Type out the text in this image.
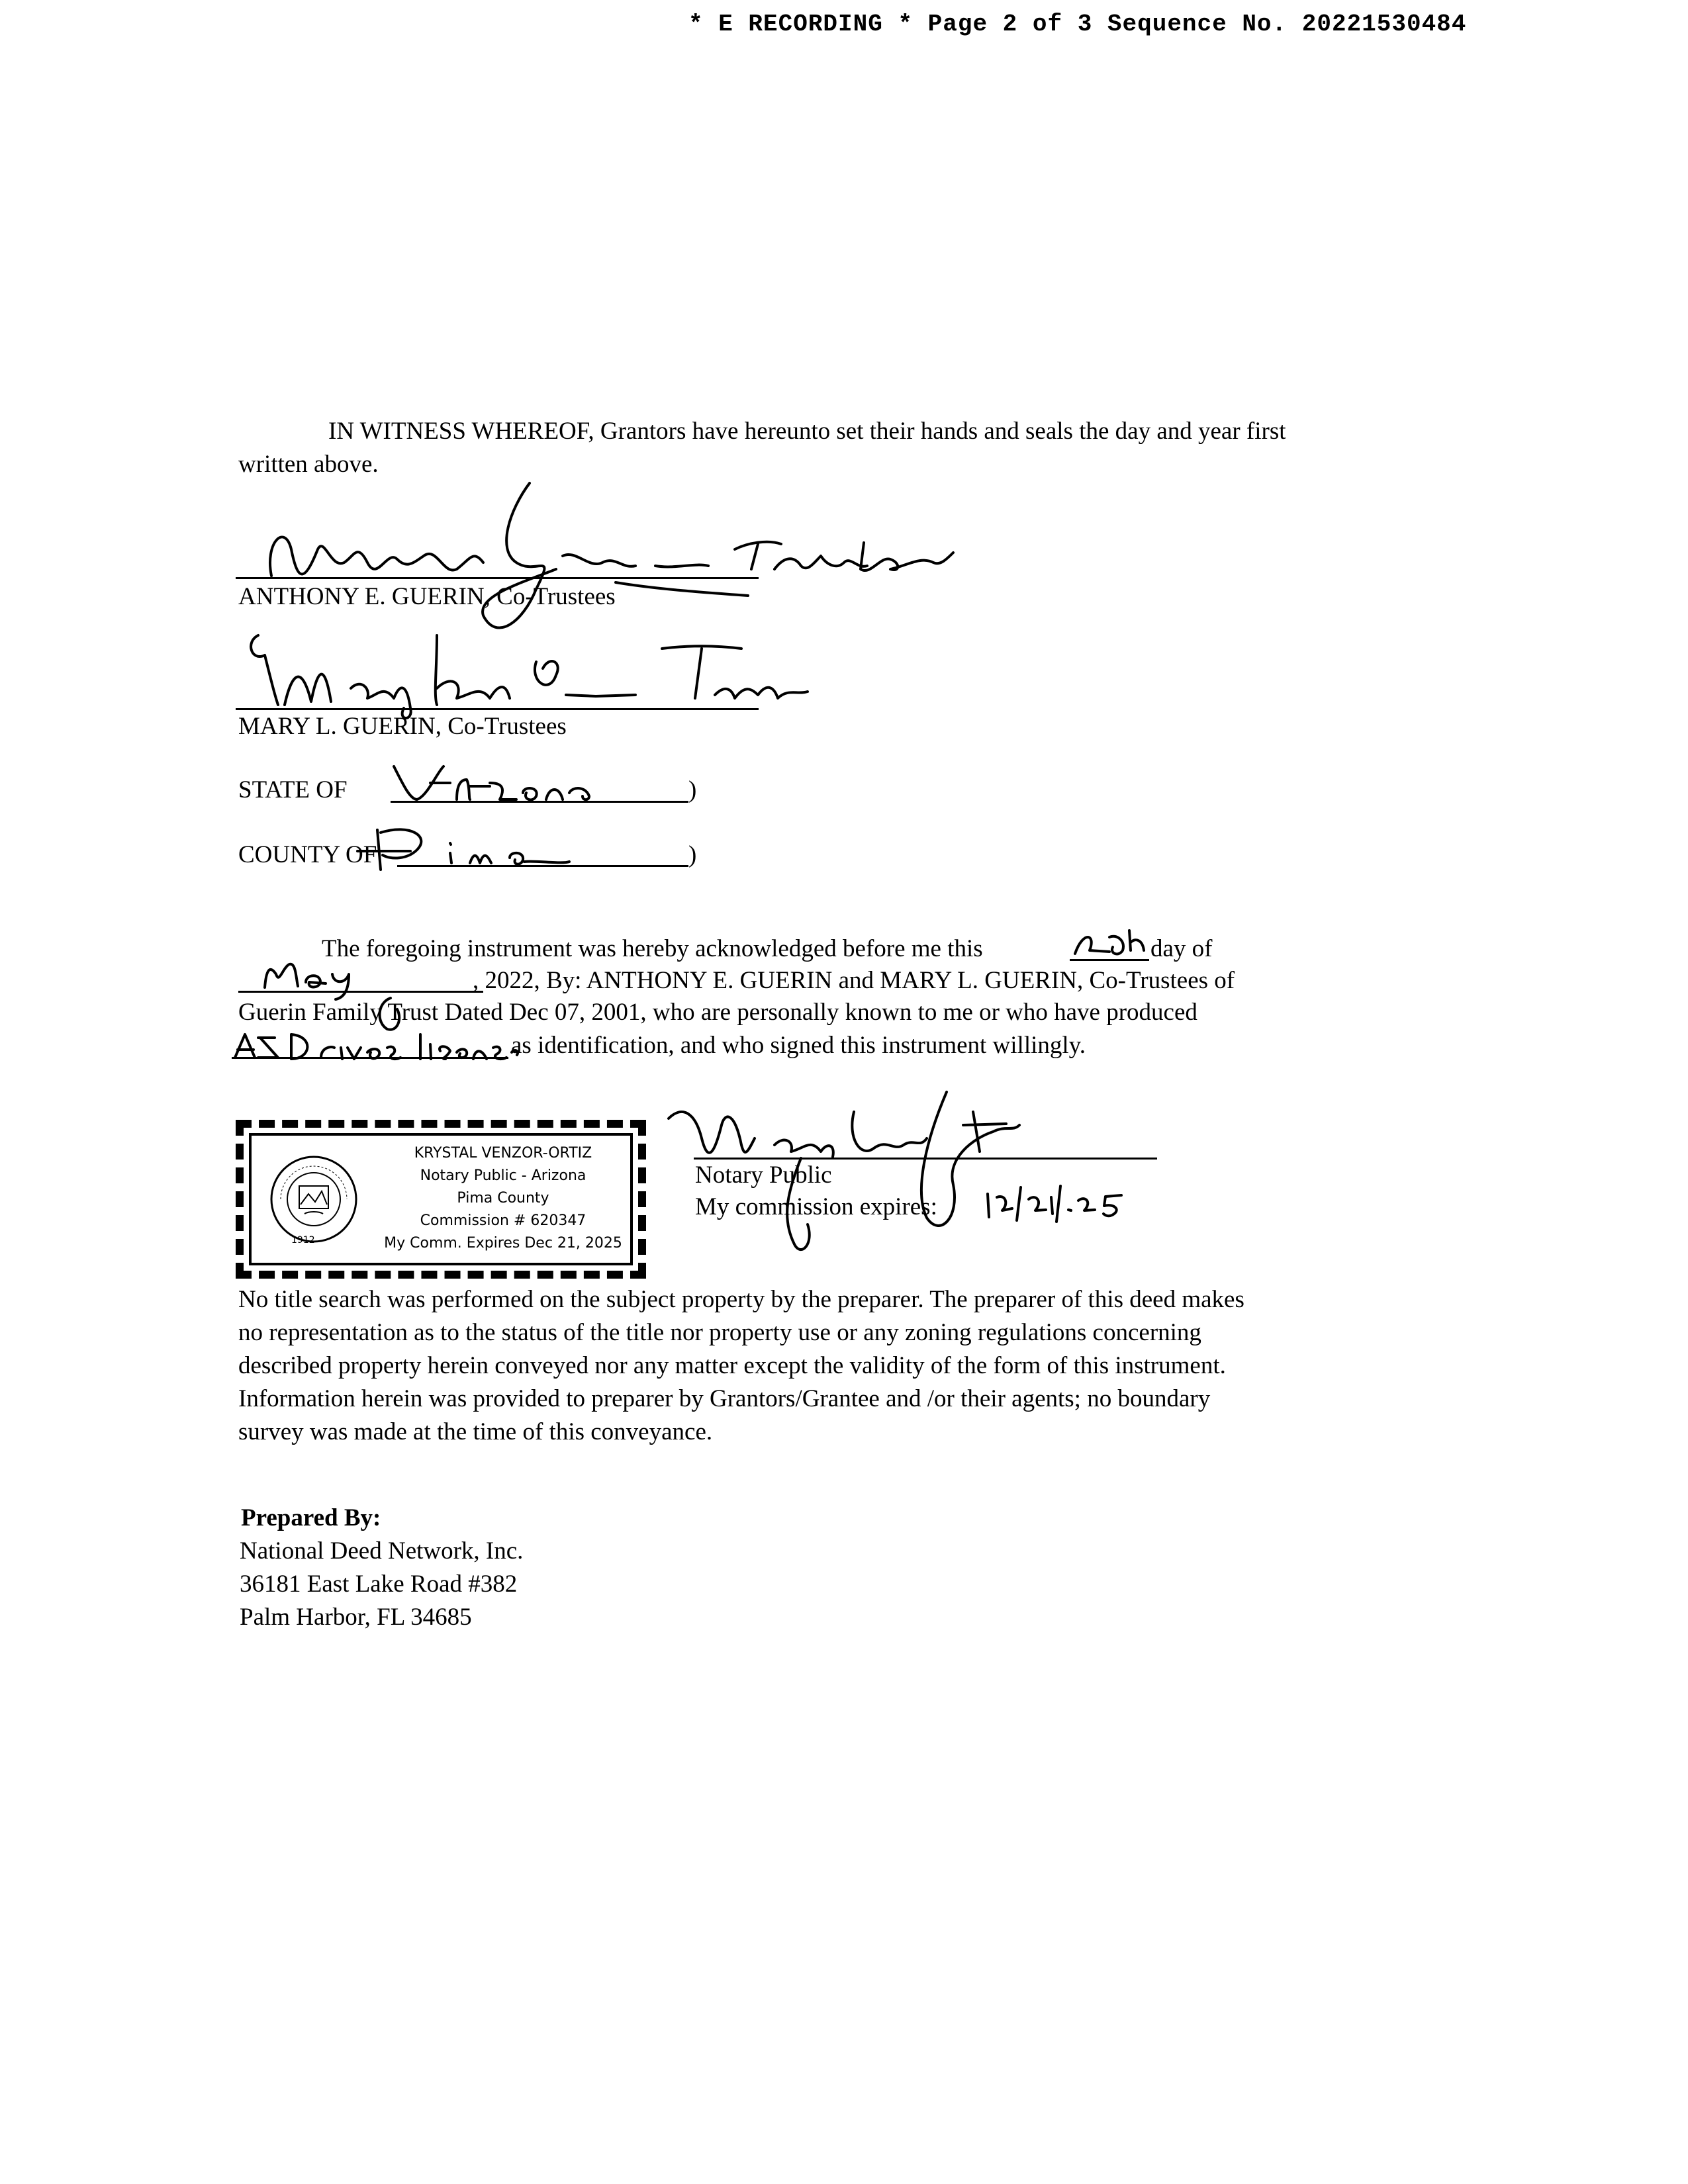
* E RECORDING * Page 2 of 3 Sequence No. 20221530484
IN WITNESS WHEREOF, Grantors have hereunto set their hands and seals the day and year first
written above.
ANTHONY E. GUERIN, Co-Trustees
MARY L. GUERIN, Co-Trustees
STATE OF	)
COUNTY OF	)
The foregoing instrument was hereby acknowledged before me this	day of
, 2022, By: ANTHONY E. GUERIN and MARY L. GUERIN, Co-Trustees of
Guerin Family Trust Dated Dec 07, 2001, who are personally known to me or who have produced
as identification, and who signed this instrument willingly.
1912
KRYSTAL VENZOR-ORTIZ
Notary Public - Arizona
Pima County
Commission # 620347
My Comm. Expires Dec 21, 2025
Notary Public
My commission expires:
No title search was performed on the subject property by the preparer. The preparer of this deed makes
no representation as to the status of the title nor property use or any zoning regulations concerning
described property herein conveyed nor any matter except the validity of the form of this instrument.
Information herein was provided to preparer by Grantors/Grantee and /or their agents; no boundary
survey was made at the time of this conveyance.
Prepared By:
National Deed Network, Inc.
36181 East Lake Road #382
Palm Harbor, FL 34685
